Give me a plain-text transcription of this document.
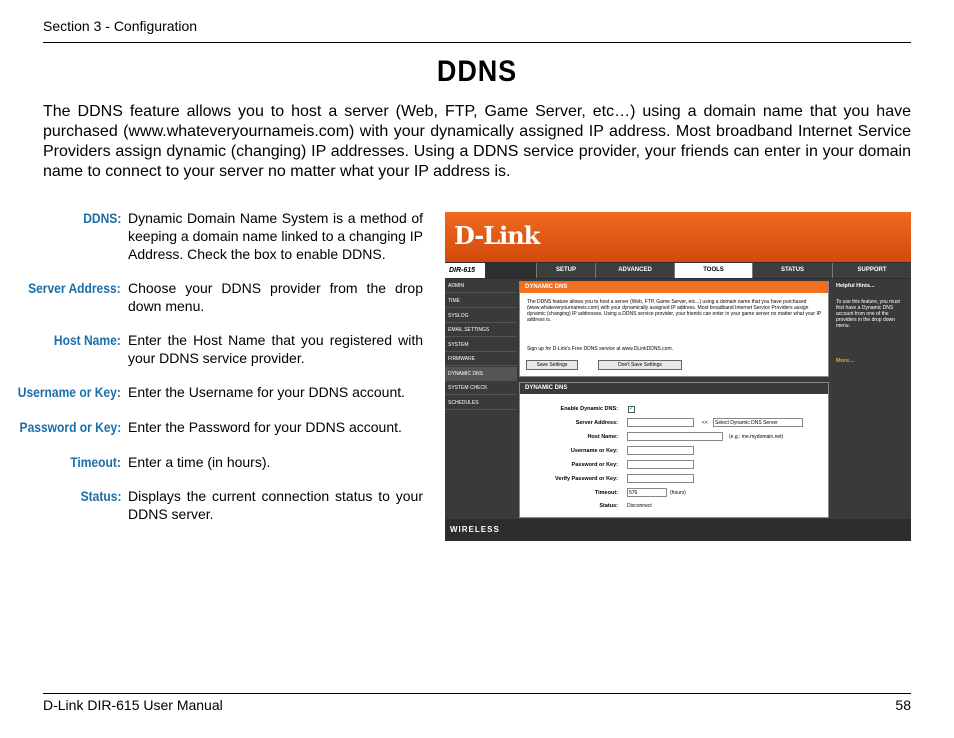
Section 3 - Configuration
DDNS
The DDNS feature allows you to host a server (Web, FTP, Game Server, etc…) using a domain name that you have purchased (www.whateveryournameis.com) with your dynamically assigned IP address. Most broadband Internet Service Providers assign dynamic (changing) IP addresses. Using a DDNS service provider, your friends can enter in your domain name to connect to your server no matter what your IP address is.
DDNS: Dynamic Domain Name System is a method of keeping a domain name linked to a changing IP Address. Check the box to enable DDNS.
Server Address: Choose your DDNS provider from the drop down menu.
Host Name: Enter the Host Name that you registered with your DDNS service provider.
Username or Key: Enter the Username for your DDNS account.
Password or Key: Enter the Password for your DDNS account.
Timeout: Enter a time (in hours).
Status: Displays the current connection status to your DDNS server.
D-Link
DIR-615	SETUP	ADVANCED	TOOLS	STATUS	SUPPORT
ADMIN
TIME
SYSLOG
EMAIL SETTINGS
SYSTEM
FIRMWARE
DYNAMIC DNS
SYSTEM CHECK
SCHEDULES
DYNAMIC DNS
The DDNS feature allows you to host a server (Web, FTP, Game Server, etc...) using a domain name that you have purchased (www.whateveryournameis.com) with your dynamically assigned IP address. Most broadband Internet Service Providers assign dynamic (changing) IP addresses. Using a DDNS service provider, your friends can enter in your game server no matter what your IP address is.
Sign up for D-Link's Free DDNS service at www.DLinkDDNS.com.
Save Settings	Don't Save Settings
DYNAMIC DNS
Enable Dynamic DNS: ✓
Server Address:	<<	Select Dynamic DNS Server
Host Name:	(e.g.: me.mydomain.net)
Username or Key:
Password or Key:
Verify Password or Key:
Timeout:	576	(hours)
Status: Disconnect
Helpful Hints...
To use this feature, you must first have a Dynamic DNS account from one of the providers in the drop down menu.
More...
WIRELESS
D-Link DIR-615 User Manual	58
